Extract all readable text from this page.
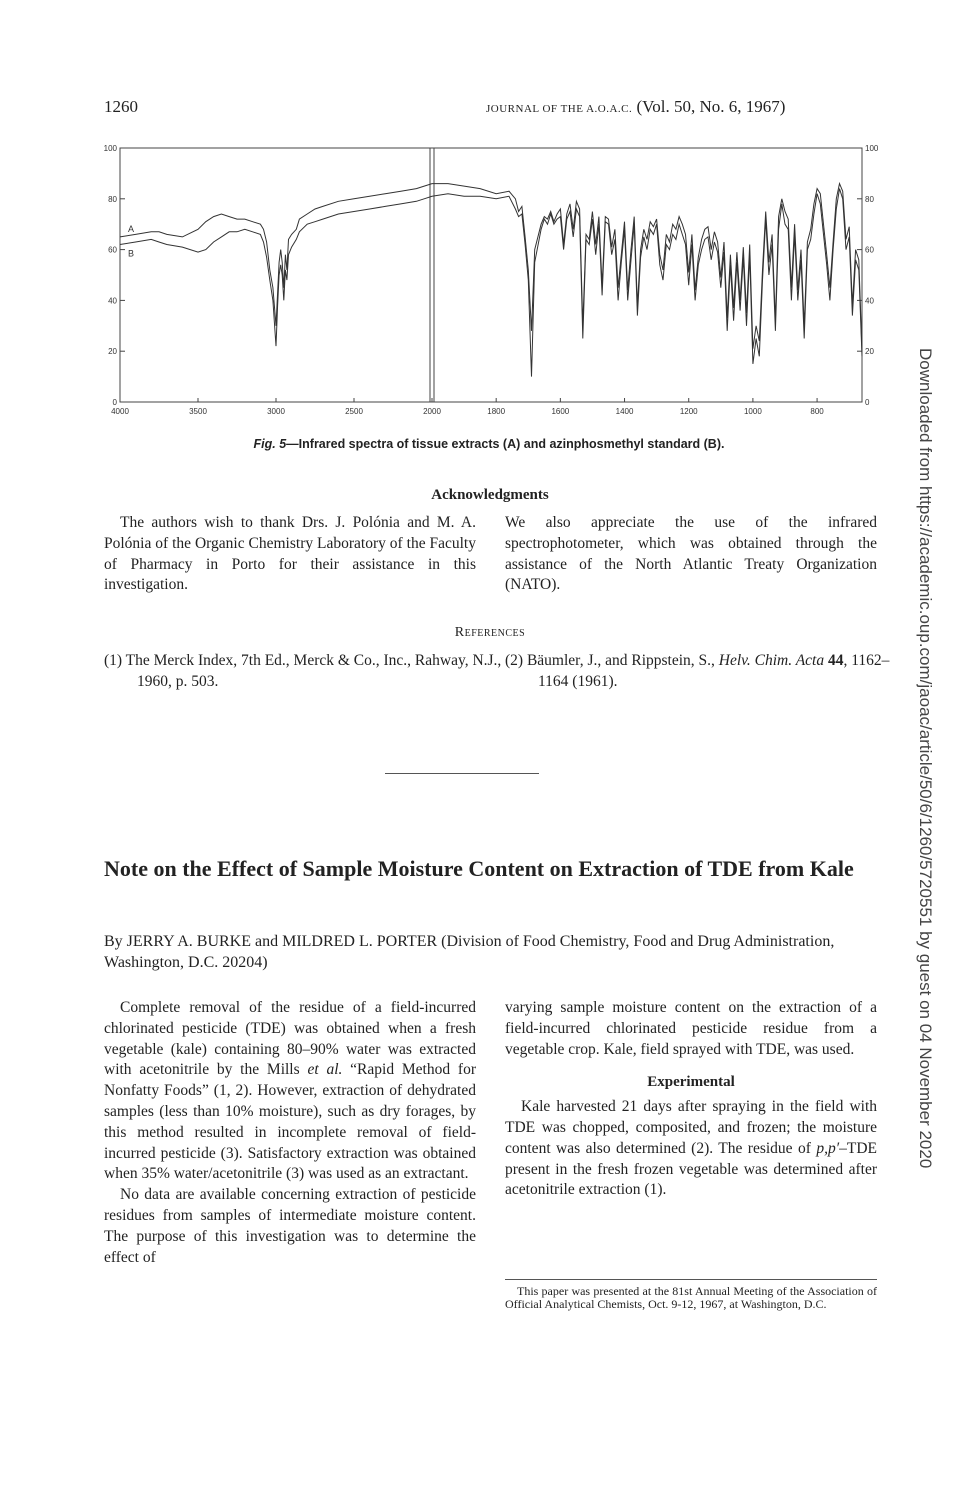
1260	JOURNAL OF THE A.O.A.C. (Vol. 50, No. 6, 1967)
Downloaded from https://academic.oup.com/jaoac/article/50/6/1260/5720551 by guest on 04 November 2020
0	0
20	20
40	40
60	60
80	80
100	100
4000	3500	3000	2500	2000	1800	1600	1400	1200	1000	800
A
B
Fig. 5—Infrared spectra of tissue extracts (A) and azinphosmethyl standard (B).
Acknowledgments

The authors wish to thank Drs. J. Polónia and M. A. Polónia of the Organic Chemistry Laboratory of the Faculty of Pharmacy in Porto for their assistance in this investigation.

We also appreciate the use of the infrared spectrophotometer, which was obtained through the assistance of the North Atlantic Treaty Organization (NATO).

References
(1) The Merck Index, 7th Ed., Merck & Co., Inc., Rahway, N.J., 1960, p. 503.
(2) Bäumler, J., and Rippstein, S., Helv. Chim. Acta 44, 1162–1164 (1961).
Note on the Effect of Sample Moisture Content on Extraction of TDE from Kale
By JERRY A. BURKE and MILDRED L. PORTER (Division of Food Chemistry, Food and Drug Administration, Washington, D.C. 20204)

Complete removal of the residue of a field-incurred chlorinated pesticide (TDE) was obtained when a fresh vegetable (kale) containing 80–90% water was extracted with acetonitrile by the Mills et al. “Rapid Method for Nonfatty Foods” (1, 2). However, extraction of dehydrated samples (less than 10% moisture), such as dry forages, by this method resulted in incomplete removal of field-incurred pesticide (3). Satisfactory extraction was obtained when 35% water/acetonitrile (3) was used as an extractant.

No data are available concerning extraction of pesticide residues from samples of intermediate moisture content. The purpose of this investigation was to determine the effect of

varying sample moisture content on the extraction of a field-incurred chlorinated pesticide residue from a vegetable crop. Kale, field sprayed with TDE, was used.

Experimental

Kale harvested 21 days after spraying in the field with TDE was chopped, composited, and frozen; the moisture content was also determined (2). The residue of p,p′–TDE present in the fresh frozen vegetable was determined after acetonitrile extraction (1).

This paper was presented at the 81st Annual Meeting of the Association of Official Analytical Chemists, Oct. 9-12, 1967, at Washington, D.C.
